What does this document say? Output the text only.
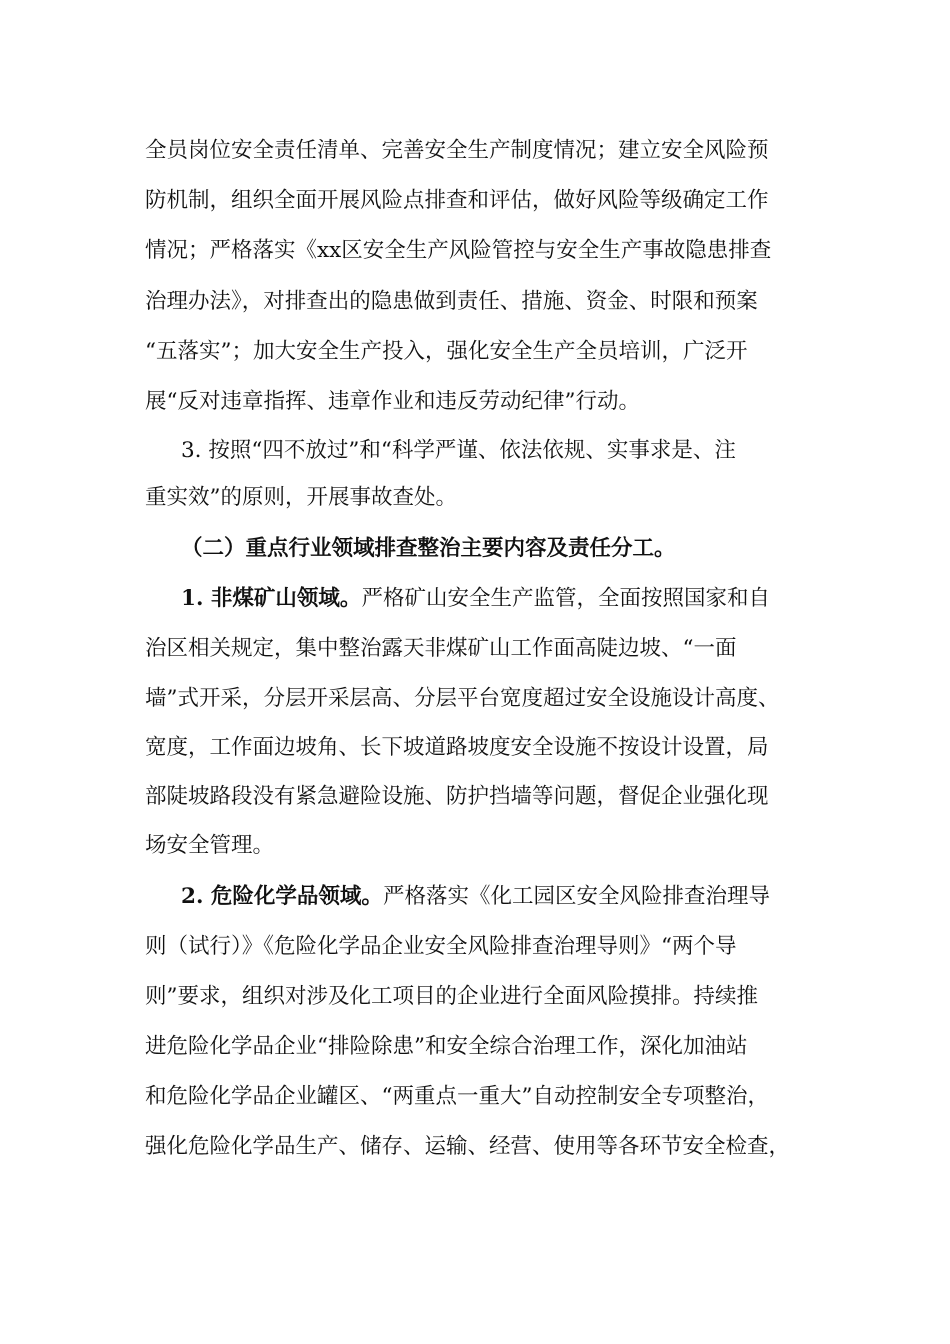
全员岗位安全责任清单、完善安全生产制度情况；建立安全风险预
防机制，组织全面开展风险点排查和评估，做好风险等级确定工作
情况；严格落实《xx区安全生产风险管控与安全生产事故隐患排查
治理办法》，对排查出的隐患做到责任、措施、资金、时限和预案
“五落实”；加大安全生产投入，强化安全生产全员培训，广泛开
展“反对违章指挥、违章作业和违反劳动纪律”行动。
3. 按照“四不放过”和“科学严谨、依法依规、实事求是、注
重实效”的原则，开展事故查处。
（二）重点行业领域排查整治主要内容及责任分工。
1. 非煤矿山领域。严格矿山安全生产监管，全面按照国家和自
治区相关规定，集中整治露天非煤矿山工作面高陡边坡、“一面
墙”式开采，分层开采层高、分层平台宽度超过安全设施设计高度、
宽度，工作面边坡角、长下坡道路坡度安全设施不按设计设置，局
部陡坡路段没有紧急避险设施、防护挡墙等问题，督促企业强化现
场安全管理。
2. 危险化学品领域。严格落实《化工园区安全风险排查治理导
则（试行）》《危险化学品企业安全风险排查治理导则》“两个导
则”要求，组织对涉及化工项目的企业进行全面风险摸排。持续推
进危险化学品企业“排险除患”和安全综合治理工作，深化加油站
和危险化学品企业罐区、“两重点一重大”自动控制安全专项整治，
强化危险化学品生产、储存、运输、经营、使用等各环节安全检查，
